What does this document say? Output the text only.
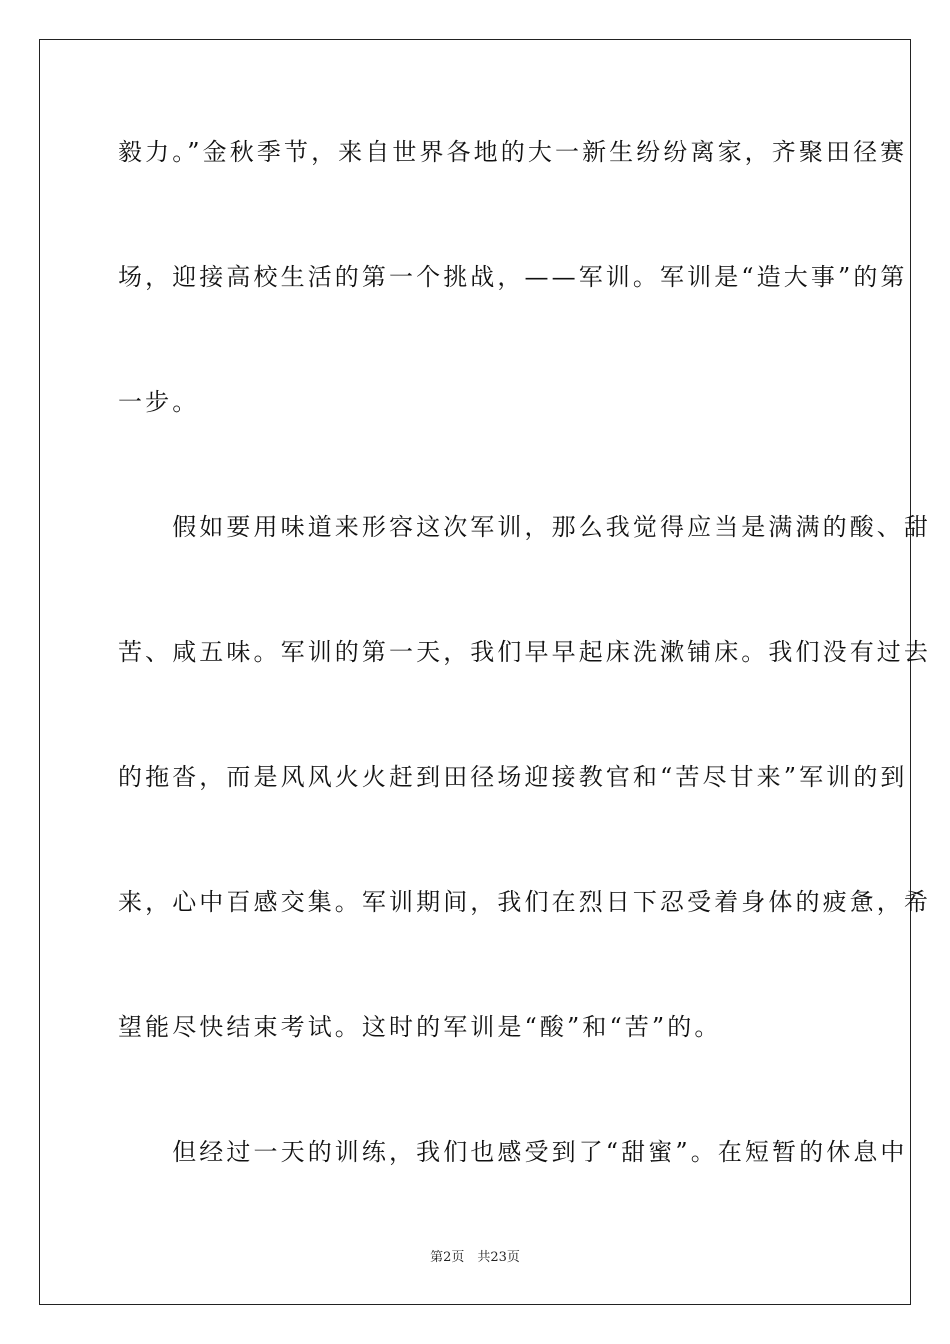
毅力。”金秋季节，来自世界各地的大一新生纷纷离家，齐聚田径赛
场，迎接高校生活的第一个挑战，——军训。军训是“造大事”的第
一步。
　　假如要用味道来形容这次军训，那么我觉得应当是满满的酸、甜
苦、咸五味。军训的第一天，我们早早起床洗漱铺床。我们没有过去
的拖沓，而是风风火火赶到田径场迎接教官和“苦尽甘来”军训的到
来，心中百感交集。军训期间，我们在烈日下忍受着身体的疲惫，希
望能尽快结束考试。这时的军训是“酸”和“苦”的。
　　但经过一天的训练，我们也感受到了“甜蜜”。在短暂的休息中
第2页　共23页
